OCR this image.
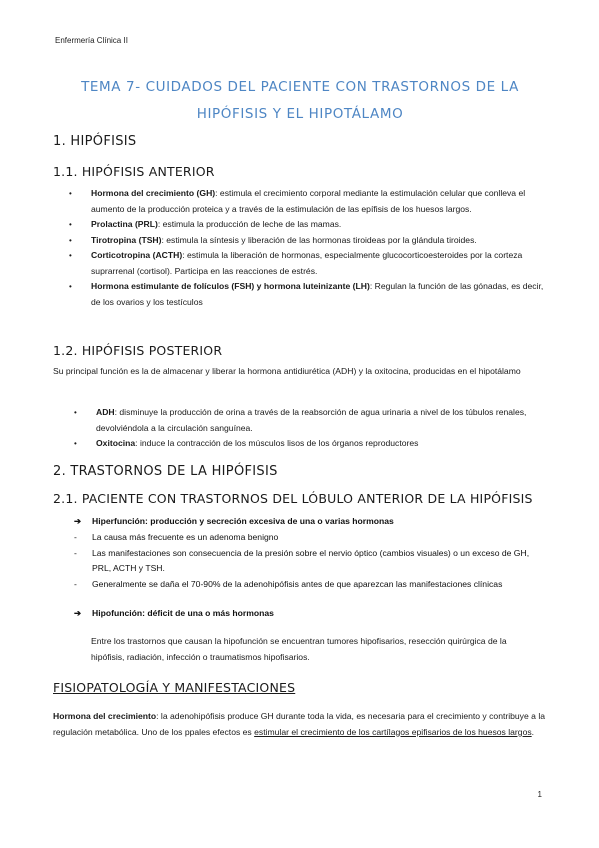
Enfermería Clínica II
TEMA 7- CUIDADOS DEL PACIENTE CON TRASTORNOS DE LA HIPÓFISIS Y EL HIPOTÁLAMO
1. HIPÓFISIS
1.1. HIPÓFISIS ANTERIOR
• Hormona del crecimiento (GH): estimula el crecimiento corporal mediante la estimulación celular que conlleva el aumento de la producción proteica y a través de la estimulación de las epífisis de los huesos largos.
• Prolactina (PRL): estimula la producción de leche de las mamas.
• Tirotropina (TSH): estimula la síntesis y liberación de las hormonas tiroideas por la glándula tiroides.
• Corticotropina (ACTH): estimula la liberación de hormonas, especialmente glucocorticoesteroides por la corteza suprarrenal (cortisol). Participa en las reacciones de estrés.
• Hormona estimulante de folículos (FSH) y hormona luteinizante (LH): Regulan la función de las gónadas, es decir, de los ovarios y los testículos
1.2. HIPÓFISIS POSTERIOR
Su principal función es la de almacenar y liberar la hormona antidiurética (ADH) y la oxitocina, producidas en el hipotálamo
• ADH: disminuye la producción de orina a través de la reabsorción de agua urinaria a nivel de los túbulos renales, devolviéndola a la circulación sanguínea.
• Oxitocina: induce la contracción de los músculos lisos de los órganos reproductores
2. TRASTORNOS DE LA HIPÓFISIS
2.1. PACIENTE CON TRASTORNOS DEL LÓBULO ANTERIOR DE LA HIPÓFISIS
➔ Hiperfunción: producción y secreción excesiva de una o varias hormonas
- La causa más frecuente es un adenoma benigno
- Las manifestaciones son consecuencia de la presión sobre el nervio óptico (cambios visuales) o un exceso de GH, PRL, ACTH y TSH.
- Generalmente se daña el 70-90% de la adenohipófisis antes de que aparezcan las manifestaciones clínicas
➔ Hipofunción: déficit de una o más hormonas
Entre los trastornos que causan la hipofunción se encuentran tumores hipofisarios, resección quirúrgica de la hipófisis, radiación, infección o traumatismos hipofisarios.
FISIOPATOLOGÍA Y MANIFESTACIONES
Hormona del crecimiento: la adenohipófisis produce GH durante toda la vida, es necesaria para el crecimiento y contribuye a la regulación metabólica. Uno de los ppales efectos es estimular el crecimiento de los cartílagos epifisarios de los huesos largos.
1
